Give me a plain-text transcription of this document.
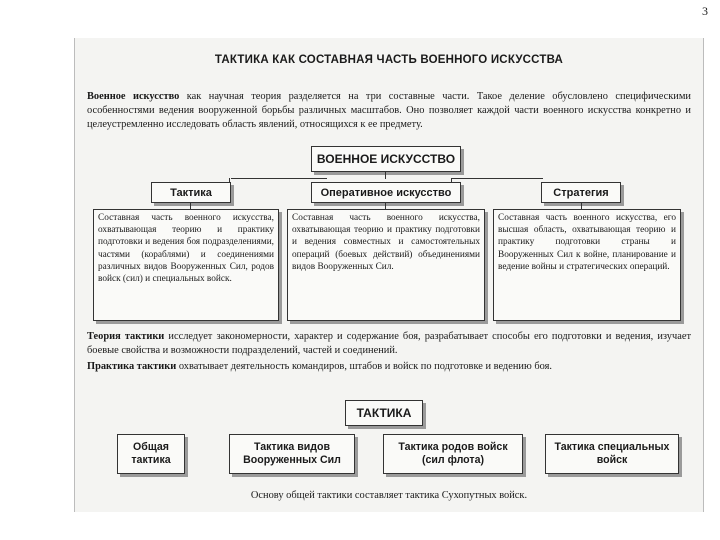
3
ТАКТИКА КАК СОСТАВНАЯ ЧАСТЬ ВОЕННОГО ИСКУССТВА

Военное искусство как научная теория разделяется на три составные части. Такое деление обусловлено специфическими особенностями ведения вооруженной борьбы различных масштабов. Оно позволяет каждой части военного искусства конкретно и целеустремленно исследовать область явлений, относящихся к ее предмету.

ВОЕННОЕ ИСКУССТВО
Тактика	Оперативное искусство	Стратегия
Составная часть военного искусства, охватывающая теорию и практику подготовки и ведения боя подразделениями, частями (кораблями) и соединениями различных видов Вооруженных Сил, родов войск (сил) и специальных войск.
Составная часть военного искусства, охватывающая теорию и практику подготовки и ведения совместных и самостоятельных операций (боевых действий) объединениями видов Вооруженных Сил.
Составная часть военного искусства, его высшая область, охватывающая теорию и практику подготовки страны и Вооруженных Сил к войне, планирование и ведение войны и стратегических операций.

Теория тактики исследует закономерности, характер и содержание боя, разрабатывает способы его подготовки и ведения, изучает боевые свойства и возможности подразделений, частей и соединений.

Практика тактики охватывает деятельность командиров, штабов и войск по подготовке и ведению боя.

ТАКТИКА
Общая тактика
Тактика видов Вооруженных Сил
Тактика родов войск (сил флота)
Тактика специальных войск
Основу общей тактики составляет тактика Сухопутных войск.
